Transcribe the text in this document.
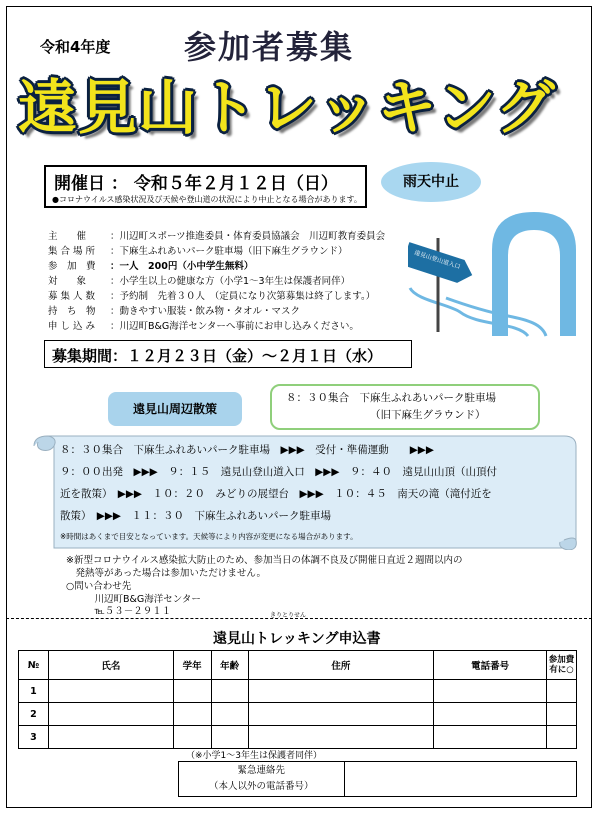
令和4年度 参加者募集
遠見山トレッキング
開催日 ： 令和５年２月１２日（日）
●コロナウイルス感染状況及び天候や登山道の状況により中止となる場合があります。
雨天中止
遠見山登山道入口
主　　催	：川辺町スポーツ推進委員・体育委員協議会　川辺町教育委員会
集 合 場 所 ：下麻生ふれあいパーク駐車場（旧下麻生グラウンド）
参　加　費 ：一人　200円（小中学生無料）
対　　象	：小学生以上の健康な方（小学1～3年生は保護者同伴）
募 集 人 数 ：予約制　先着３０人　（定員になり次第募集は終了します。）
持　ち　物 ：動きやすい服装・飲み物・タオル・マスク
申 し 込 み ：川辺町B&G海洋センターへ事前にお申し込みください。
募集期間：１２月２３日（金）～２月１日（水）
遠見山周辺散策
８：３０集合　下麻生ふれあいパーク駐車場
（旧下麻生グラウンド）
８：３０集合　下麻生ふれあいパーク駐車場　▶▶▶　受付・準備運動　　▶▶▶
９：００出発　▶▶▶　９：１５　遠見山登山道入口　▶▶▶　９：４０　遠見山山頂（山頂付
近を散策）　▶▶▶　１０：２０　みどりの展望台　▶▶▶　１０：４５　南天の滝（滝付近を
散策）　▶▶▶　１１：３０　下麻生ふれあいパーク駐車場
※時間はあくまで目安となっています。天候等により内容が変更になる場合があります。
※新型コロナウイルス感染拡大防止のため、参加当日の体調不良及び開催日直近２週間以内の
　発熱等があった場合は参加いただけません。
○問い合わせ先
　　　川辺町B&G海洋センター
　　　℡５３－２９１１	きりとりせん
遠見山トレッキング申込書
№	氏名	学年	年齢	住所	電話番号	参加費有に○
1						
2						
3						
（※小学1～3年生は保護者同伴）
緊急連絡先
（本人以外の電話番号）	
